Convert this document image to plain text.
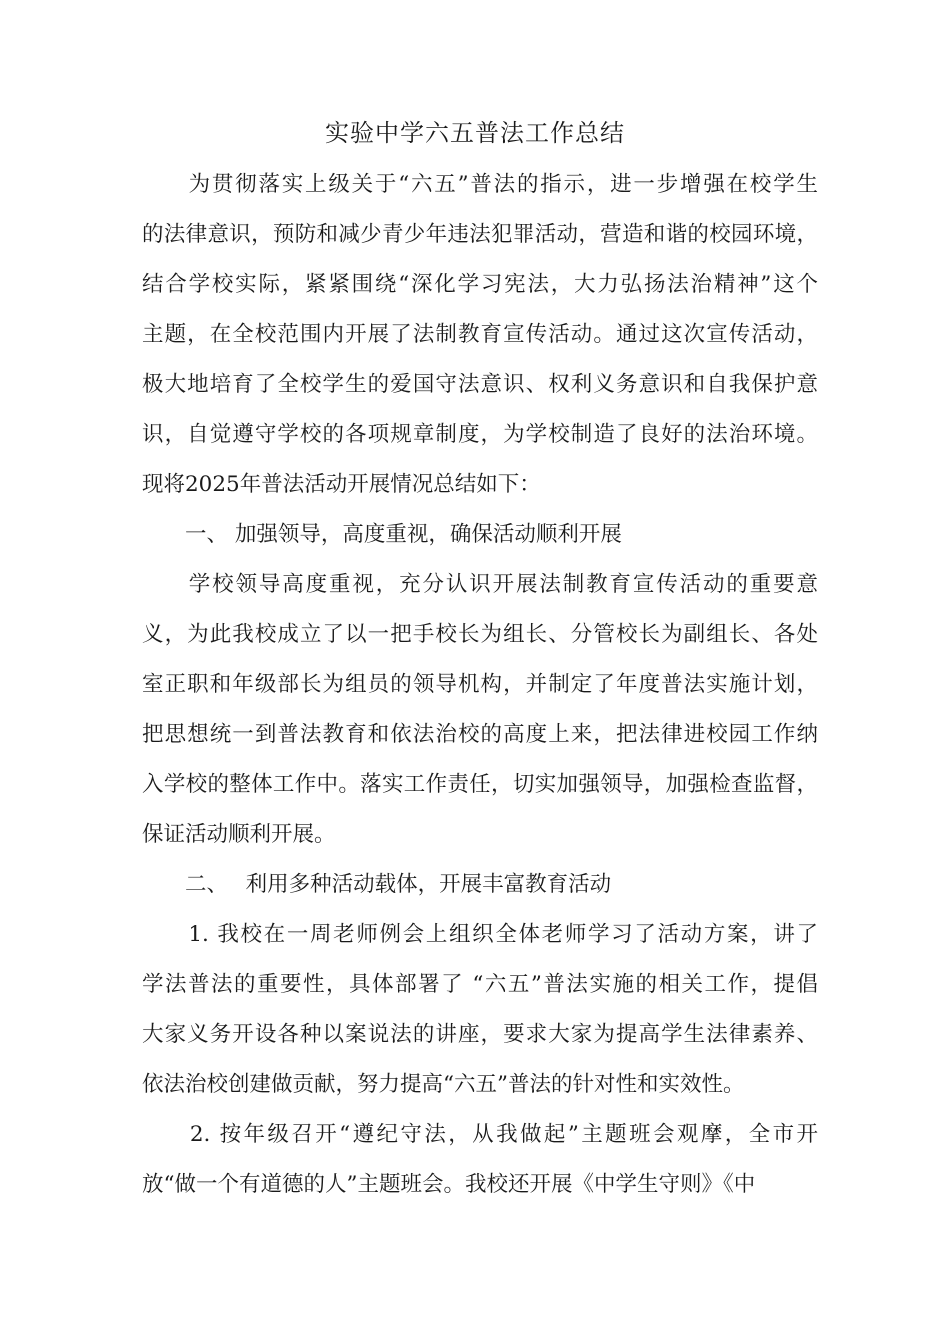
实验中学六五普法工作总结
　　为贯彻落实上级关于“六五”普法的指示，进一步增强在校学生
的法律意识，预防和减少青少年违法犯罪活动，营造和谐的校园环境，
结合学校实际，紧紧围绕“深化学习宪法，大力弘扬法治精神”这个
主题，在全校范围内开展了法制教育宣传活动。通过这次宣传活动，
极大地培育了全校学生的爱国守法意识、权利义务意识和自我保护意
识，自觉遵守学校的各项规章制度，为学校制造了良好的法治环境。
现将2025年普法活动开展情况总结如下：
　　一、 加强领导，高度重视，确保活动顺利开展
　　学校领导高度重视，充分认识开展法制教育宣传活动的重要意
义，为此我校成立了以一把手校长为组长、分管校长为副组长、各处
室正职和年级部长为组员的领导机构，并制定了年度普法实施计划，
把思想统一到普法教育和依法治校的高度上来，把法律进校园工作纳
入学校的整体工作中。落实工作责任，切实加强领导，加强检查监督，
保证活动顺利开展。
　　二、　 利用多种活动载体，开展丰富教育活动
　　1. 我校在一周老师例会上组织全体老师学习了活动方案，讲了
学法普法的重要性，具体部署了 “六五”普法实施的相关工作，提倡
大家义务开设各种以案说法的讲座，要求大家为提高学生法律素养、
依法治校创建做贡献，努力提高“六五”普法的针对性和实效性。
　　2. 按年级召开“遵纪守法，从我做起”主题班会观摩，全市开
放“做一个有道德的人”主题班会。我校还开展《中学生守则》《中
